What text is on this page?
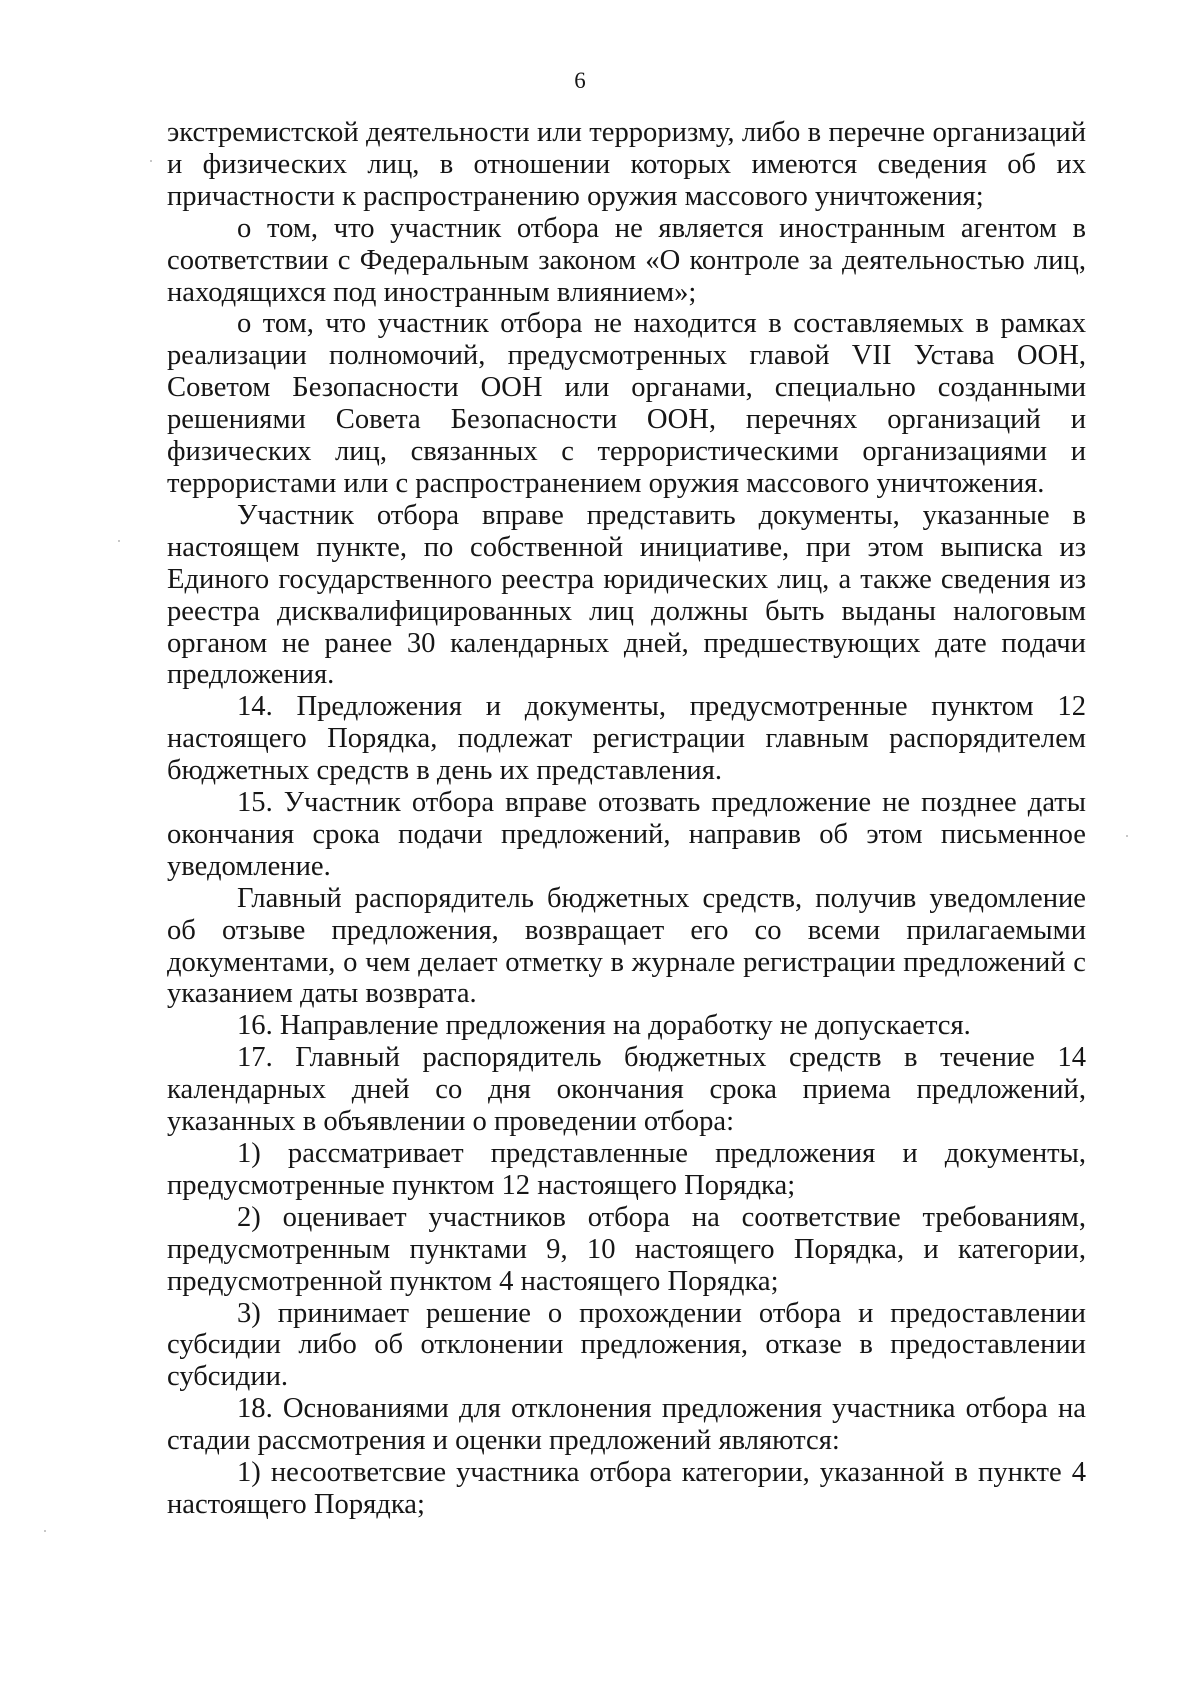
6

экстремистской деятельности или терроризму, либо в перечне организаций и физических лиц, в отношении которых имеются сведения об их причастности к распространению оружия массового уничтожения;

о том, что участник отбора не является иностранным агентом в соответствии с Федеральным законом «О контроле за деятельностью лиц, находящихся под иностранным влиянием»;

о том, что участник отбора не находится в составляемых в рамках реализации полномочий, предусмотренных главой VII Устава ООН, Советом Безопасности ООН или органами, специально созданными решениями Совета Безопасности ООН, перечнях организаций и физических лиц, связанных с террористическими организациями и террористами или с распространением оружия массового уничтожения.

Участник отбора вправе представить документы, указанные в настоящем пункте, по собственной инициативе, при этом выписка из Единого государственного реестра юридических лиц, а также сведения из реестра дисквалифицированных лиц должны быть выданы налоговым органом не ранее 30 календарных дней, предшествующих дате подачи предложения.

14. Предложения и документы, предусмотренные пунктом 12 настоящего Порядка, подлежат регистрации главным распорядителем бюджетных средств в день их представления.

15. Участник отбора вправе отозвать предложение не позднее даты окончания срока подачи предложений, направив об этом письменное уведомление.

Главный распорядитель бюджетных средств, получив уведомление об отзыве предложения, возвращает его со всеми прилагаемыми документами, о чем делает отметку в журнале регистрации предложений с указанием даты возврата.

16. Направление предложения на доработку не допускается.

17. Главный распорядитель бюджетных средств в течение 14 календарных дней со дня окончания срока приема предложений, указанных в объявлении о проведении отбора:

1) рассматривает представленные предложения и документы, предусмотренные пунктом 12 настоящего Порядка;

2) оценивает участников отбора на соответствие требованиям, предусмотренным пунктами 9, 10 настоящего Порядка, и категории, предусмотренной пунктом 4 настоящего Порядка;

3) принимает решение о прохождении отбора и предоставлении субсидии либо об отклонении предложения, отказе в предоставлении субсидии.

18. Основаниями для отклонения предложения участника отбора на стадии рассмотрения и оценки предложений являются:

1) несоответсвие участника отбора категории, указанной в пункте 4 настоящего Порядка;
